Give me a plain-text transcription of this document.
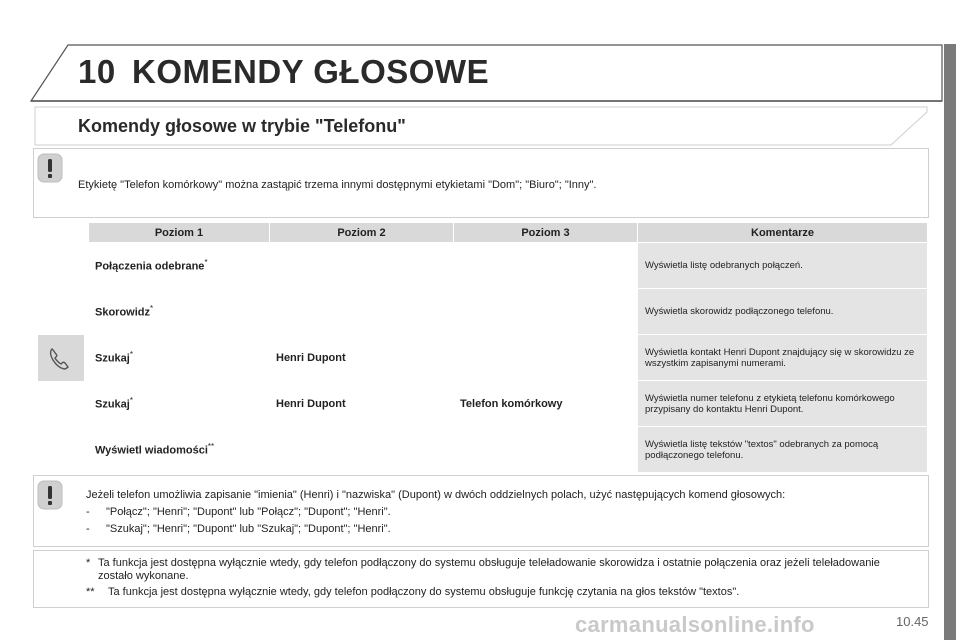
10 KOMENDY GŁOSOWE
Komendy głosowe w trybie "Telefonu"
Etykietę "Telefon komórkowy" można zastąpić trzema innymi dostępnymi etykietami "Dom"; "Biuro"; "Inny".
	Poziom 1	Poziom 2	Poziom 3	Komentarze
	Połączenia odebrane*			Wyświetla listę odebranych połączeń.
	Skorowidz*			Wyświetla skorowidz podłączonego telefonu.
	Szukaj*	Henri Dupont		Wyświetla kontakt Henri Dupont znajdujący się w skorowidzu ze wszystkim zapisanymi numerami.
	Szukaj*	Henri Dupont	Telefon komórkowy	Wyświetla numer telefonu z etykietą telefonu komórkowego przypisany do kontaktu Henri Dupont.
	Wyświetl wiadomości**			Wyświetla listę tekstów "textos" odebranych za pomocą podłączonego telefonu.
Jeżeli telefon umożliwia zapisanie "imienia" (Henri) i "nazwiska" (Dupont) w dwóch oddzielnych polach, użyć następujących komend głosowych:
-	"Połącz"; "Henri"; "Dupont" lub "Połącz"; "Dupont"; "Henri".
-	"Szukaj"; "Henri"; "Dupont" lub "Szukaj"; "Dupont"; "Henri".
* Ta funkcja jest dostępna wyłącznie wtedy, gdy telefon podłączony do systemu obsługuje teleładowanie skorowidza i ostatnie połączenia oraz jeżeli teleładowanie zostało wykonane.
** Ta funkcja jest dostępna wyłącznie wtedy, gdy telefon podłączony do systemu obsługuje funkcję czytania na głos tekstów "textos".
carmanualsonline.info	10.45
